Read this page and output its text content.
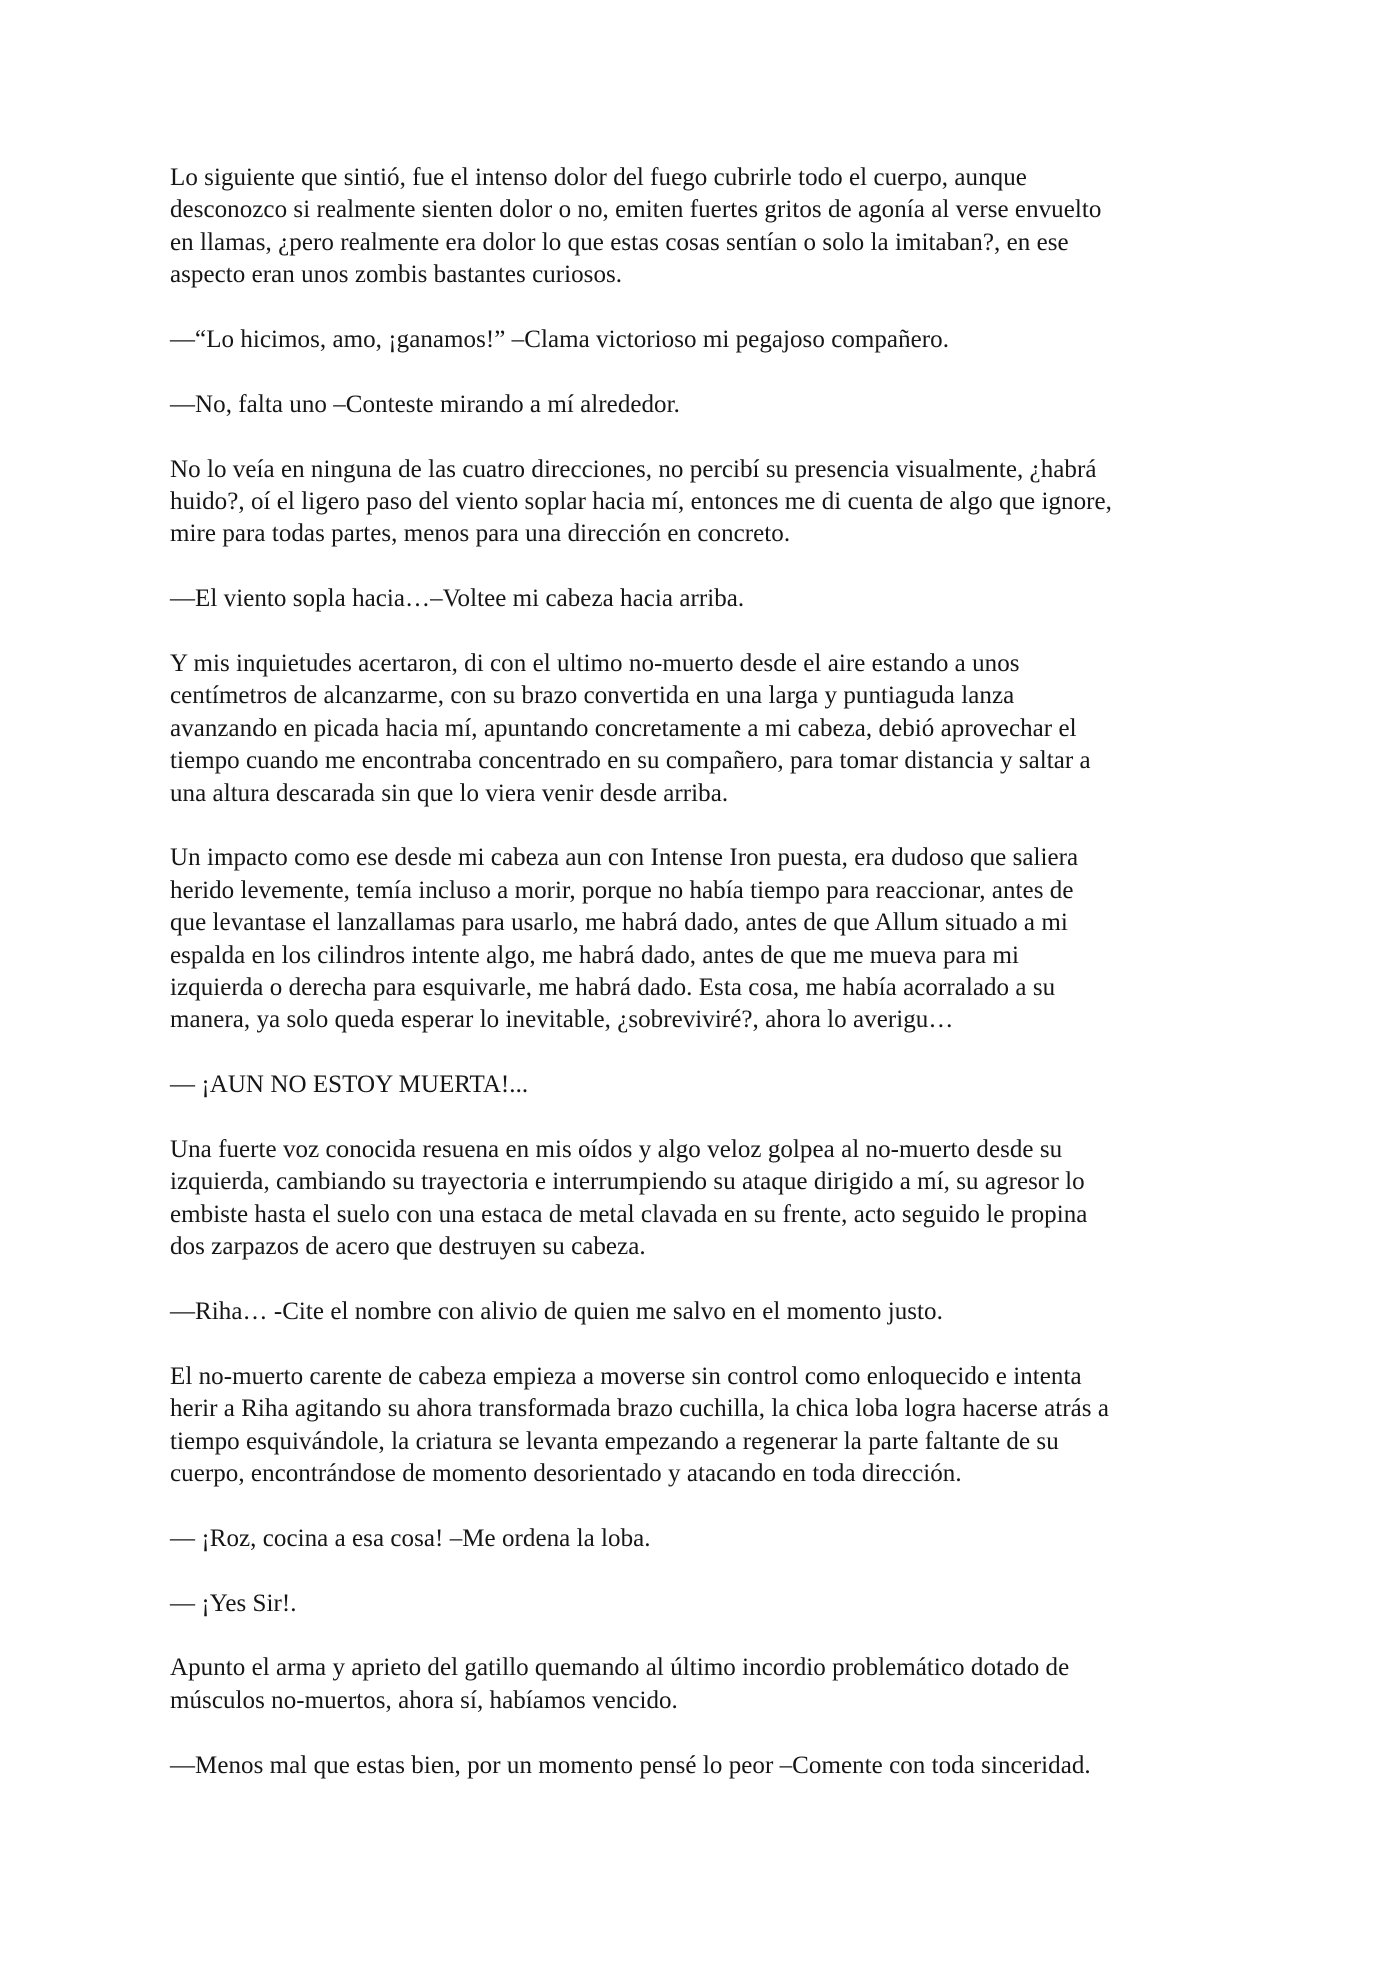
Lo siguiente que sintió, fue el intenso dolor del fuego cubrirle todo el cuerpo, aunque
desconozco si realmente sienten dolor o no, emiten fuertes gritos de agonía al verse envuelto
en llamas, ¿pero realmente era dolor lo que estas cosas sentían o solo la imitaban?, en ese
aspecto eran unos zombis bastantes curiosos.

—“Lo hicimos, amo, ¡ganamos!” –Clama victorioso mi pegajoso compañero.

—No, falta uno –Conteste mirando a mí alrededor.

No lo veía en ninguna de las cuatro direcciones, no percibí su presencia visualmente, ¿habrá
huido?, oí el ligero paso del viento soplar hacia mí, entonces me di cuenta de algo que ignore,
mire para todas partes, menos para una dirección en concreto.

—El viento sopla hacia…–Voltee mi cabeza hacia arriba.

Y mis inquietudes acertaron, di con el ultimo no-muerto desde el aire estando a unos
centímetros de alcanzarme, con su brazo convertida en una larga y puntiaguda lanza
avanzando en picada hacia mí, apuntando concretamente a mi cabeza, debió aprovechar el
tiempo cuando me encontraba concentrado en su compañero, para tomar distancia y saltar a
una altura descarada sin que lo viera venir desde arriba.

Un impacto como ese desde mi cabeza aun con Intense Iron puesta, era dudoso que saliera
herido levemente, temía incluso a morir, porque no había tiempo para reaccionar, antes de
que levantase el lanzallamas para usarlo, me habrá dado, antes de que Allum situado a mi
espalda en los cilindros intente algo, me habrá dado, antes de que me mueva para mi
izquierda o derecha para esquivarle, me habrá dado. Esta cosa, me había acorralado a su
manera, ya solo queda esperar lo inevitable, ¿sobreviviré?, ahora lo averigu…

— ¡AUN NO ESTOY MUERTA!...

Una fuerte voz conocida resuena en mis oídos y algo veloz golpea al no-muerto desde su
izquierda, cambiando su trayectoria e interrumpiendo su ataque dirigido a mí, su agresor lo
embiste hasta el suelo con una estaca de metal clavada en su frente, acto seguido le propina
dos zarpazos de acero que destruyen su cabeza.

—Riha… -Cite el nombre con alivio de quien me salvo en el momento justo.

El no-muerto carente de cabeza empieza a moverse sin control como enloquecido e intenta
herir a Riha agitando su ahora transformada brazo cuchilla, la chica loba logra hacerse atrás a
tiempo esquivándole, la criatura se levanta empezando a regenerar la parte faltante de su
cuerpo, encontrándose de momento desorientado y atacando en toda dirección.

— ¡Roz, cocina a esa cosa! –Me ordena la loba.

— ¡Yes Sir!.

Apunto el arma y aprieto del gatillo quemando al último incordio problemático dotado de
músculos no-muertos, ahora sí, habíamos vencido.

—Menos mal que estas bien, por un momento pensé lo peor –Comente con toda sinceridad.
